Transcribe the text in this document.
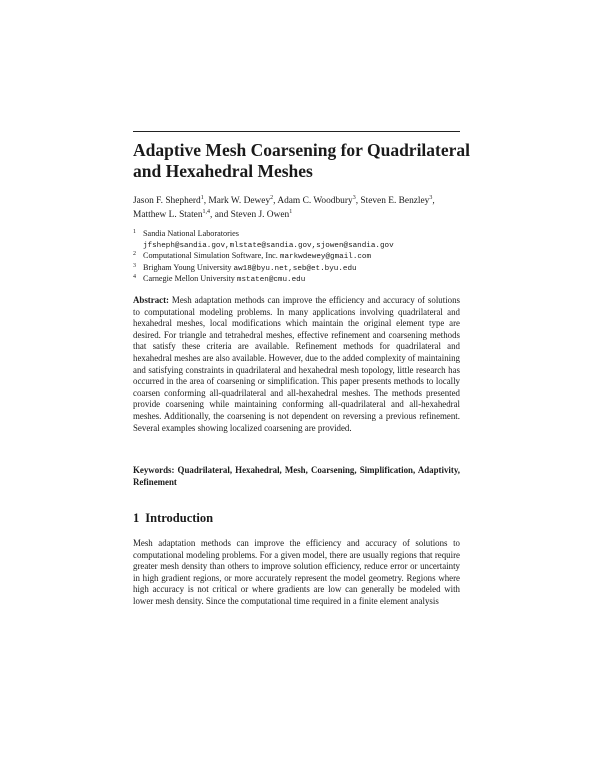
Adaptive Mesh Coarsening for Quadrilateral and Hexahedral Meshes

Jason F. Shepherd$^1$, Mark W. Dewey$^2$, Adam C. Woodbury$^3$, Steven E. Benzley$^3$, Matthew L. Staten$^{1,4}$, and Steven J. Owen$^1$

$^1$ Sandia National Laboratories
jfsheph@sandia.gov,mlstate@sandia.gov,sjowen@sandia.gov
$^2$ Computational Simulation Software, Inc. markwdewey@gmail.com
$^3$ Brigham Young University aw18@byu.net,seb@et.byu.edu
$^4$ Carnegie Mellon University mstaten@cmu.edu

Abstract: Mesh adaptation methods can improve the efficiency and accuracy of solutions to computational modeling problems. In many applications involving quadrilateral and hexahedral meshes, local modifications which maintain the original element type are desired. For triangle and tetrahedral meshes, effective refinement and coarsening methods that satisfy these criteria are available. Refinement methods for quadrilateral and hexahedral meshes are also available. However, due to the added complexity of maintaining and satisfying constraints in quadrilateral and hexahedral mesh topology, little research has occurred in the area of coarsening or simplification. This paper presents methods to locally coarsen conforming all-quadrilateral and all-hexahedral meshes. The methods presented provide coarsening while maintaining conforming all-quadrilateral and all-hexahedral meshes. Additionally, the coarsening is not dependent on reversing a previous refinement. Several examples showing localized coarsening are provided.

Keywords: Quadrilateral, Hexahedral, Mesh, Coarsening, Simplification, Adaptivity, Refinement

1 Introduction

Mesh adaptation methods can improve the efficiency and accuracy of solutions to computational modeling problems. For a given model, there are usually regions that require greater mesh density than others to improve solution efficiency, reduce error or uncertainty in high gradient regions, or more accurately represent the model geometry. Regions where high accuracy is not critical or where gradients are low can generally be modeled with lower mesh density. Since the computational time required in a finite element analysis
